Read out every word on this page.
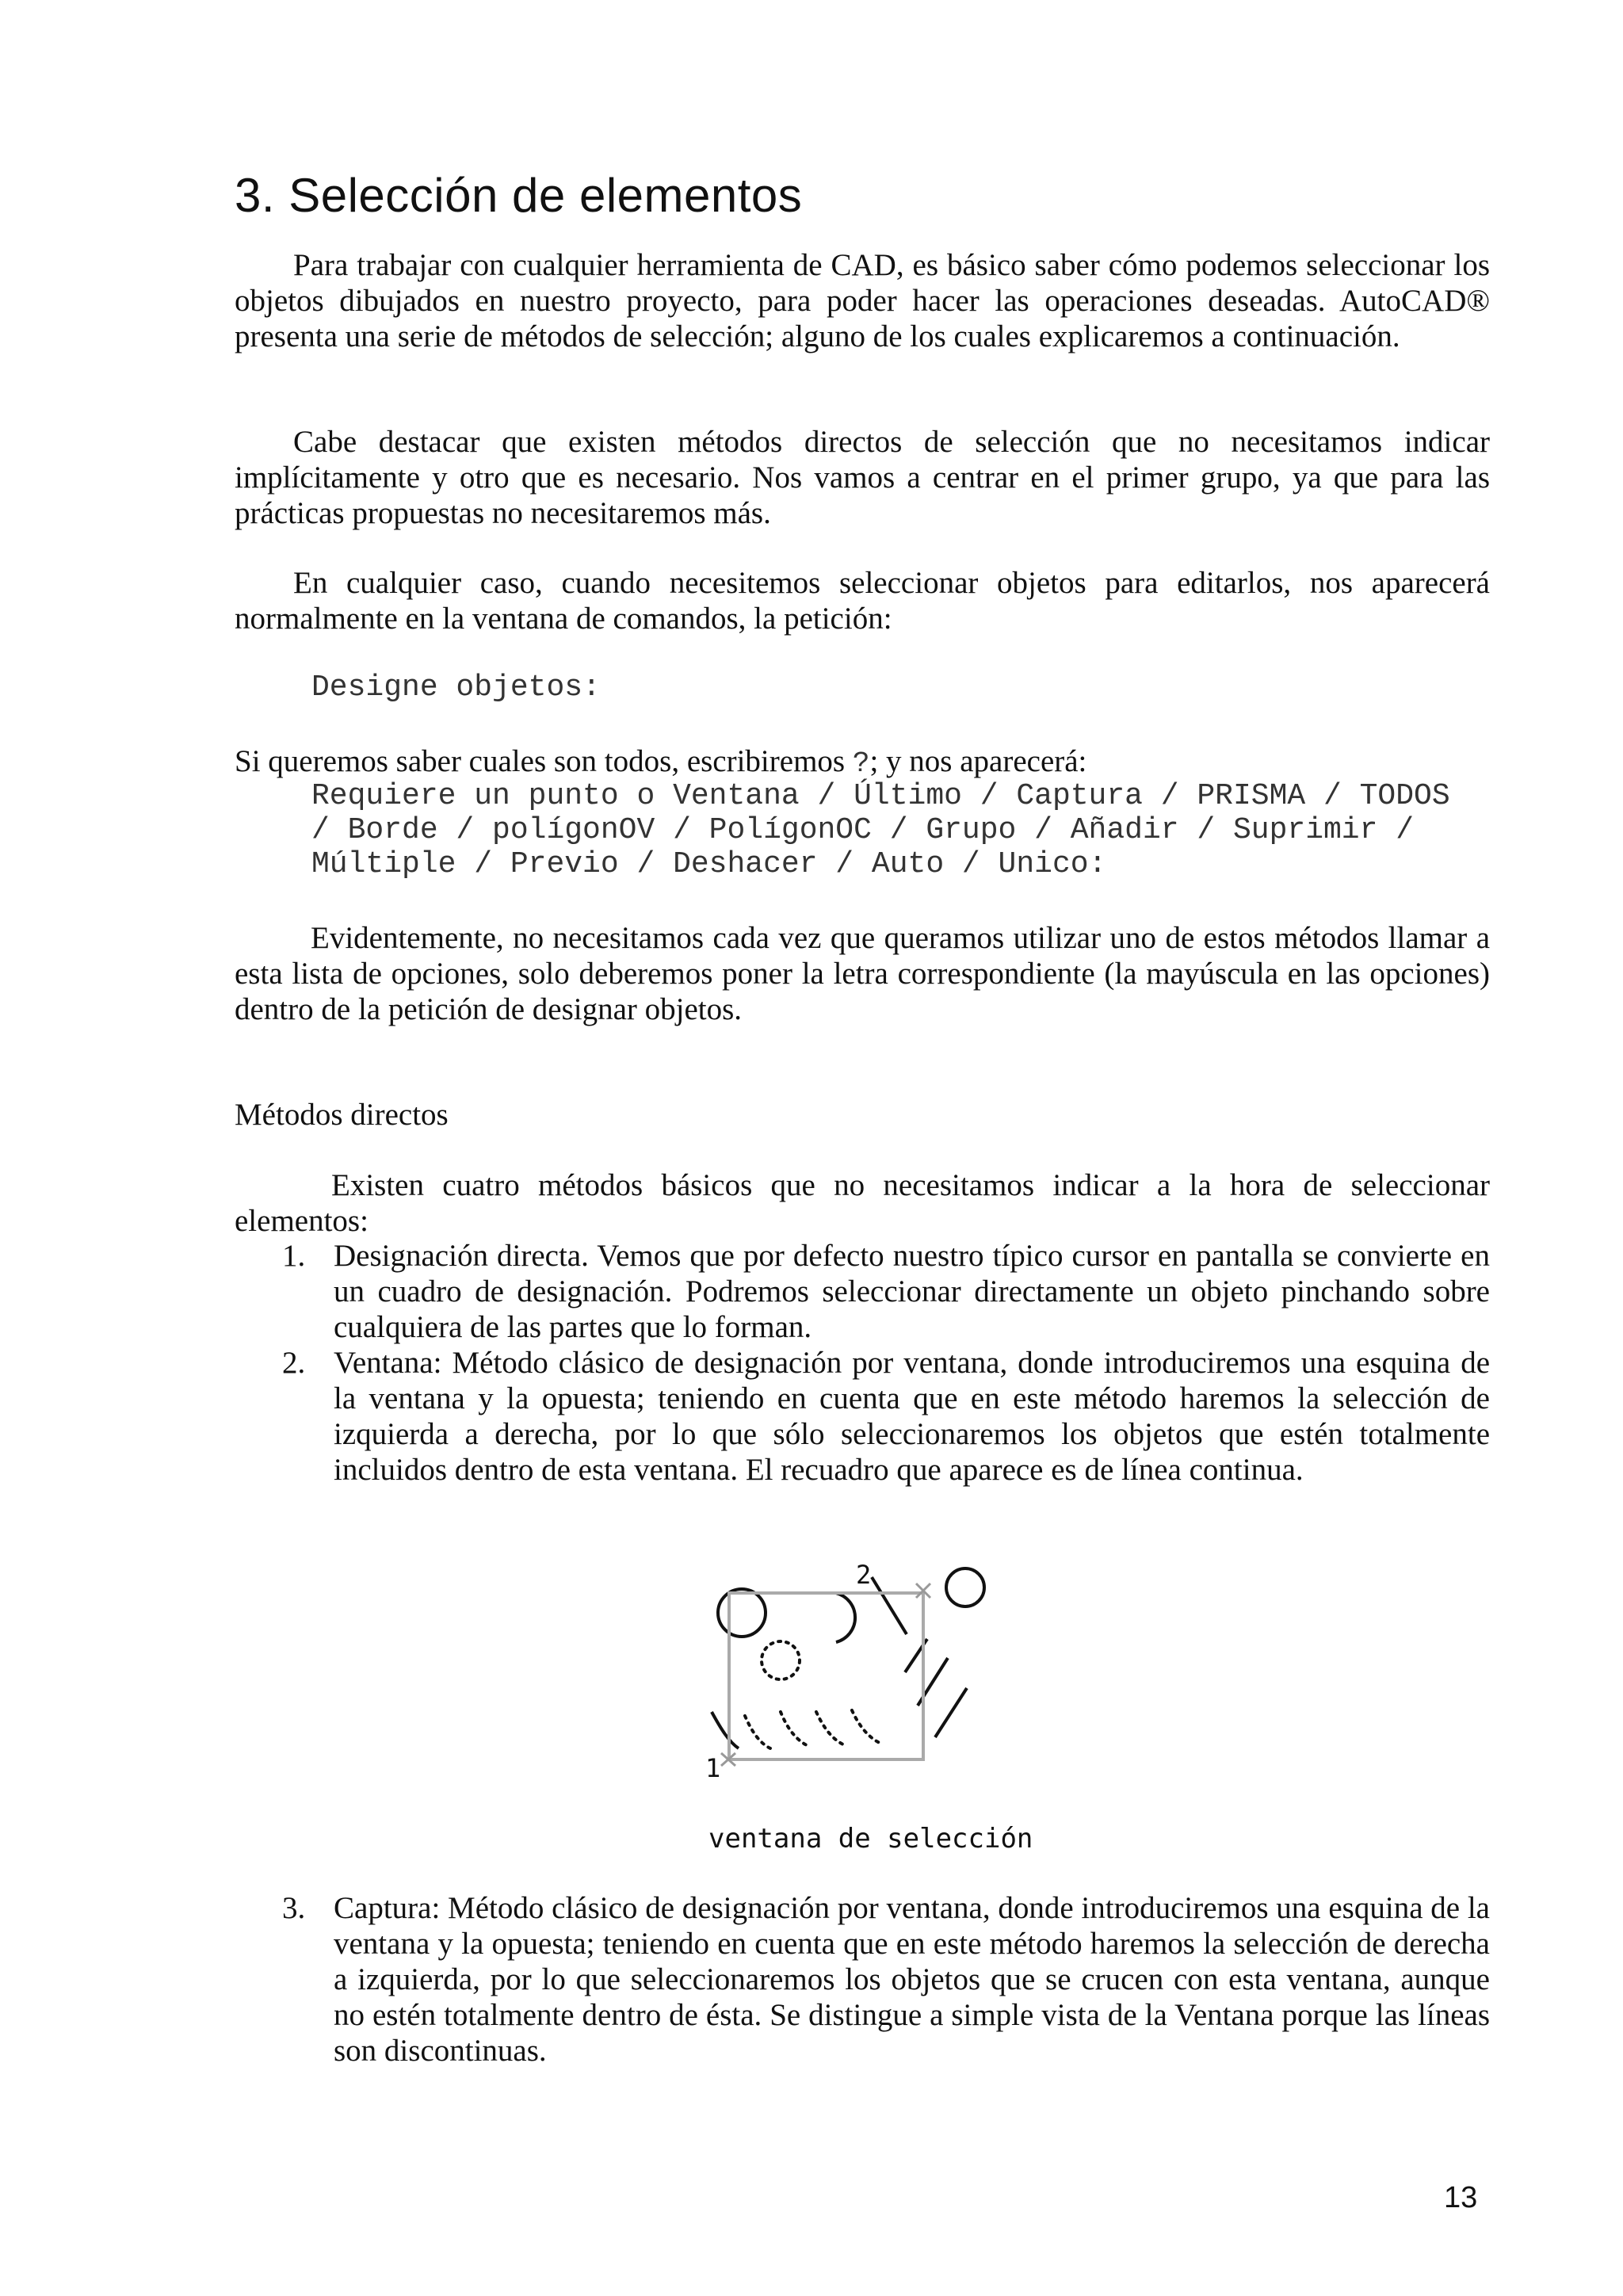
3. Selección de elementos

Para trabajar con cualquier herramienta de CAD, es básico saber cómo podemos seleccionar los objetos dibujados en nuestro proyecto, para poder hacer las operaciones deseadas. AutoCAD® presenta una serie de métodos de selección; alguno de los cuales explicaremos a continuación.

Cabe destacar que existen métodos directos de selección que no necesitamos indicar implícitamente y otro que es necesario. Nos vamos a centrar en el primer grupo, ya que para las prácticas propuestas no necesitaremos más.

En cualquier caso, cuando necesitemos seleccionar objetos para editarlos, nos aparecerá normalmente en la ventana de comandos, la petición:

Designe objetos:

Si queremos saber cuales son todos, escribiremos ?; y nos aparecerá:

Requiere un punto o Ventana / Último / Captura / PRISMA / TODOS
/ Borde / polígonOV / PolígonOC / Grupo / Añadir / Suprimir /
Múltiple / Previo / Deshacer / Auto / Unico:

Evidentemente, no necesitamos cada vez que queramos utilizar uno de estos métodos llamar a esta lista de opciones, solo deberemos poner la letra correspondiente (la mayúscula en las opciones) dentro de la petición de designar objetos.

Métodos directos

Existen cuatro métodos básicos que no necesitamos indicar a la hora de seleccionar elementos:

1. Designación directa. Vemos que por defecto nuestro típico cursor en pantalla se convierte en un cuadro de designación. Podremos seleccionar directamente un objeto pinchando sobre cualquiera de las partes que lo forman.
2. Ventana: Método clásico de designación por ventana, donde introduciremos una esquina de la ventana y la opuesta; teniendo en cuenta que en este método haremos la selección de izquierda a derecha, por lo que sólo seleccionaremos los objetos que estén totalmente incluidos dentro de esta ventana. El recuadro que aparece es de línea continua.
1
2
ventana de selección
3. Captura: Método clásico de designación por ventana, donde introduciremos una esquina de la ventana y la opuesta; teniendo en cuenta que en este método haremos la selección de derecha a izquierda, por lo que seleccionaremos los objetos que se crucen con esta ventana, aunque no estén totalmente dentro de ésta. Se distingue a simple vista de la Ventana porque las líneas son discontinuas.
13
